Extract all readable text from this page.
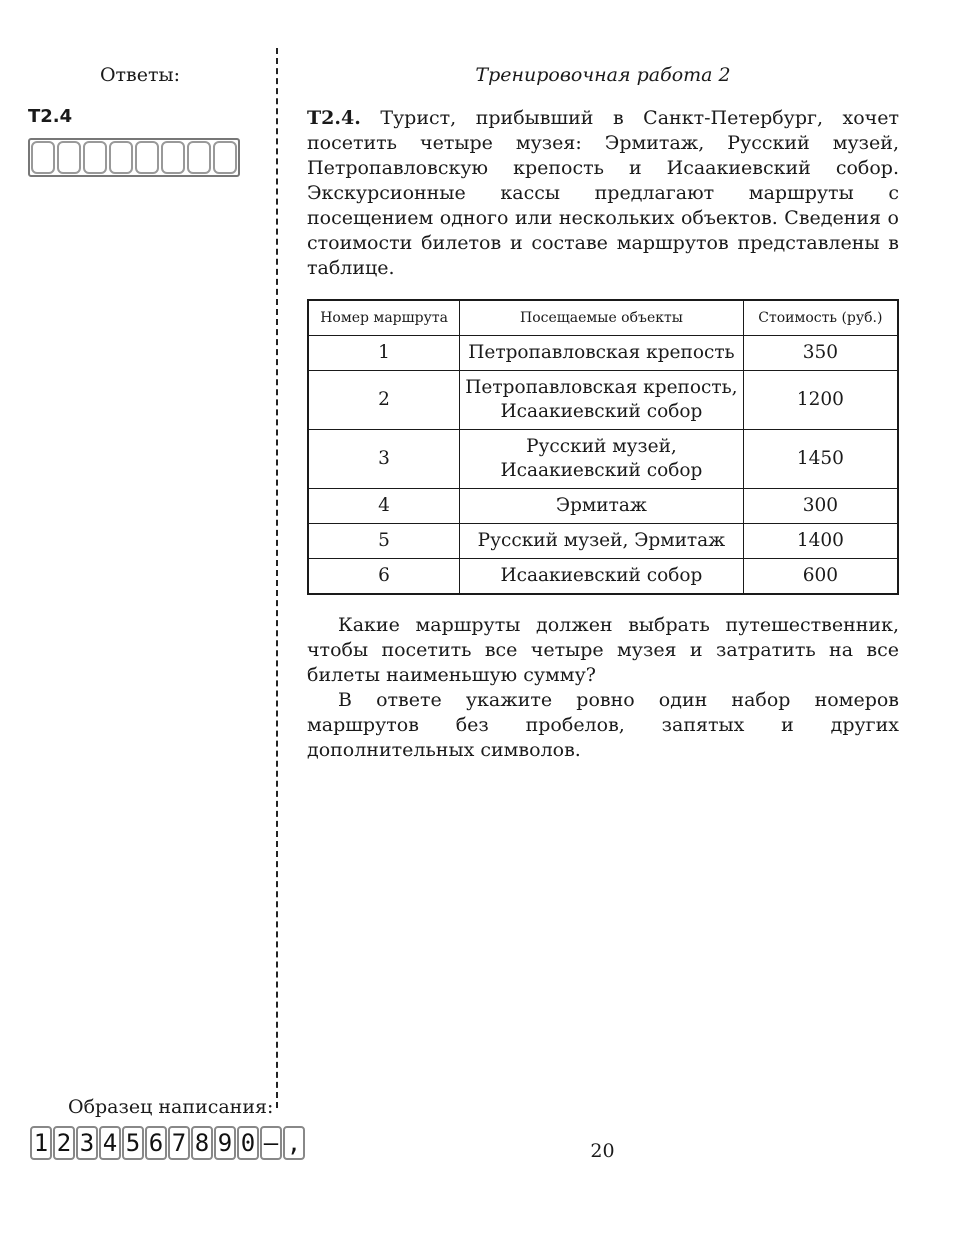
Ответы:
Т2.4
Тренировочная работа 2

Т2.4. Турист, прибывший в Санкт-Петербург, хочет посетить четыре музея: Эрмитаж, Русский музей, Петропавловскую крепость и Исаакиевский собор. Экскурсионные кассы предлагают маршруты с посещением одного или нескольких объектов. Сведения о стоимости билетов и составе маршрутов представлены в таблице.

Номер маршрута	Посещаемые объекты	Стоимость (руб.)
1	Петропавловская крепость	350
2	Петропавловская крепость,
Исаакиевский собор	1200
3	Русский музей,
Исаакиевский собор	1450
4	Эрмитаж	300
5	Русский музей, Эрмитаж	1400
6	Исаакиевский собор	600

Какие маршруты должен выбрать путешественник, чтобы посетить все четыре музея и затратить на все билеты наименьшую сумму?

В ответе укажите ровно один набор номеров маршрутов без пробелов, запятых и других дополнительных символов.

Образец написания:
1 2 3 4 5 6 7 8 9 0 – ,	20
